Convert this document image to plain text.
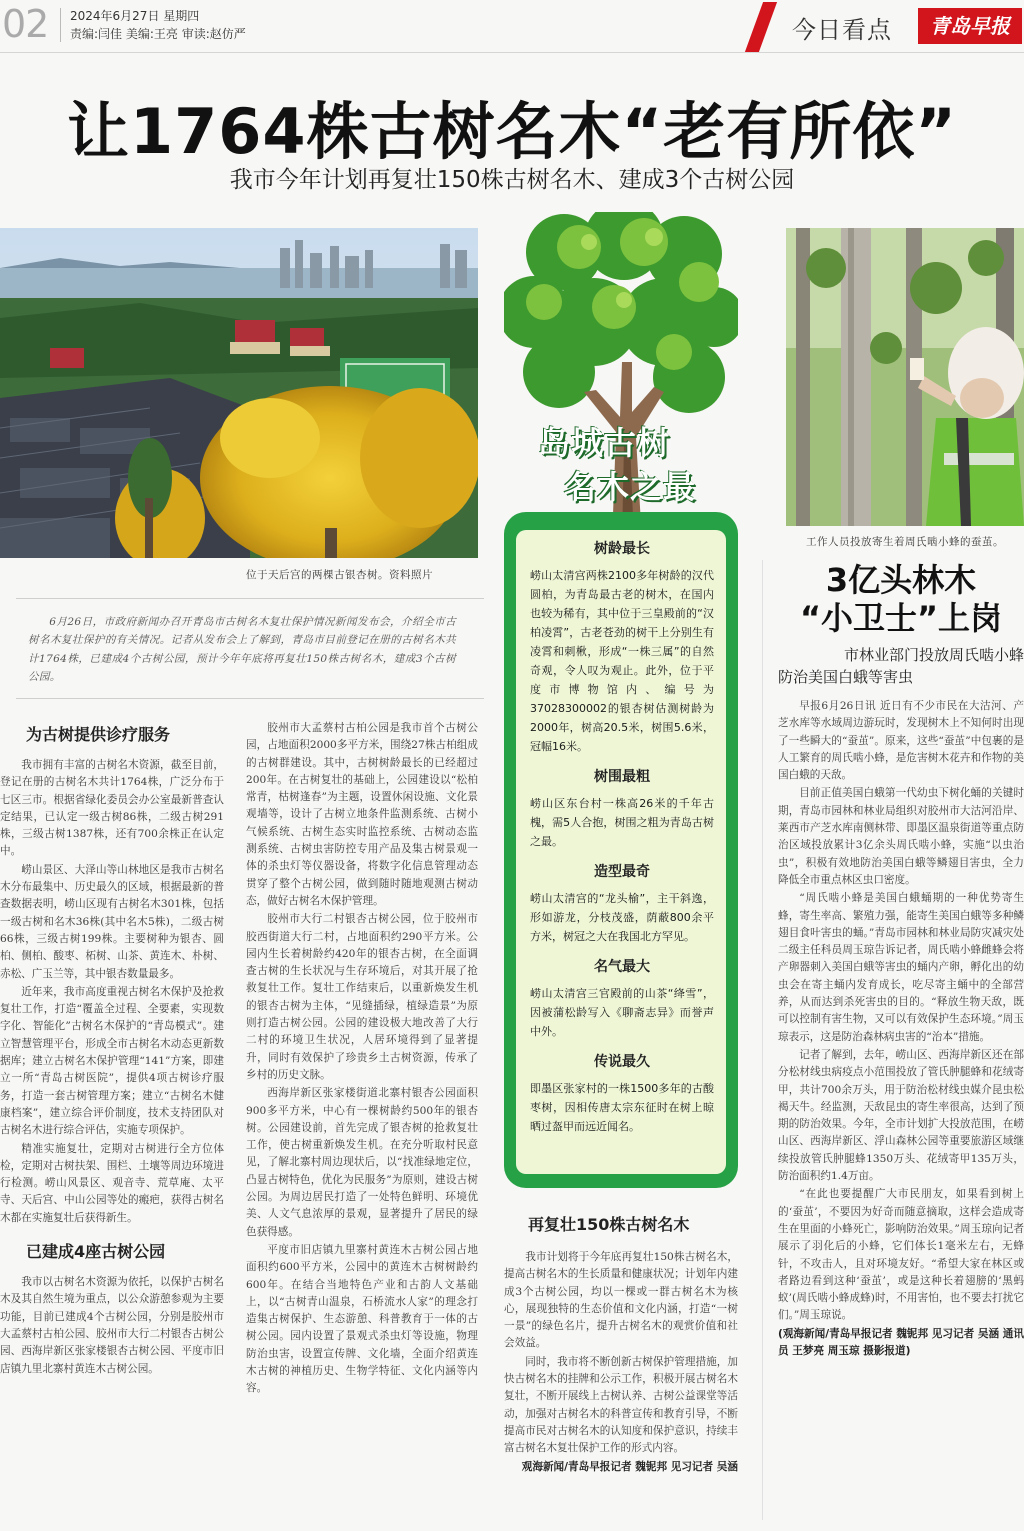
02 2024年6月27日 星期四
责编:闫佳 美编:王亮 审读:赵仿严	今日看点	青岛早报
让1764株古树名木“老有所依”
我市今年计划再复壮150株古树名木、建成3个古树公园
位于天后宫的两棵古银杏树。资料照片
6月26日，市政府新闻办召开青岛市古树名木复壮保护情况新闻发布会，介绍全市古树名木复壮保护的有关情况。记者从发布会上了解到，青岛市目前登记在册的古树名木共计1764株，已建成4个古树公园，预计今年年底将再复壮150株古树名木，建成3个古树公园。
为古树提供诊疗服务
我市拥有丰富的古树名木资源，截至目前，登记在册的古树名木共计1764株，广泛分布于七区三市。根据省绿化委员会办公室最新普查认定结果，已认定一级古树86株，二级古树291株，三级古树1387株，还有700余株正在认定中。
崂山景区、大泽山等山林地区是我市古树名木分布最集中、历史最久的区域，根据最新的普查数据表明，崂山区现有古树名木301株，包括一级古树和名木36株(其中名木5株)，二级古树66株，三级古树199株。主要树种为银杏、圆柏、侧柏、酸枣、柘树、山茶、黄连木、朴树、赤松、广玉兰等，其中银杏数量最多。
近年来，我市高度重视古树名木保护及抢救复壮工作，打造“覆盖全过程、全要素，实现数字化、智能化”古树名木保护的“青岛模式”。建立智慧管理平台，形成全市古树名木动态更新数据库；建立古树名木保护管理“141”方案，即建立一所“青岛古树医院”，提供4项古树诊疗服务，打造一套古树管理方案；建立“古树名木健康档案”，建立综合评价制度，技术支持团队对古树名木进行综合评估，实施专项保护。
精准实施复壮，定期对古树进行全方位体检，定期对古树扶架、围栏、土壤等周边环境进行检测。崂山风景区、观音寺、荒草庵、太平寺、天后宫、中山公园等处的瘢疤，获得古树名木都在实施复壮后获得新生。
已建成4座古树公园
我市以古树名木资源为依托，以保护古树名木及其自然生境为重点，以公众游憩参观为主要功能，目前已建成4个古树公园，分别是胶州市大孟蔡村古柏公园、胶州市大行二村银杏古树公园、西海岸新区张家楼银杏古树公园、平度市旧店镇九里北寨村黄连木古树公园。
胶州市大孟蔡村古柏公园是我市首个古树公园，占地面积2000多平方米，围绕27株古柏组成的古树群建设。其中，古树树龄最长的已经超过200年。在古树复壮的基础上，公园建设以“松柏常青，枯树逢春”为主题，设置休闲设施、文化景观墙等，设计了古树立地条件监测系统、古树小气候系统、古树生态实时监控系统、古树动态监测系统、古树虫害防控专用产品及集古树景观一体的杀虫灯等仪器设备，将数字化信息管理动态贯穿了整个古树公园，做到随时随地观测古树动态，做好古树名木保护管理。
胶州市大行二村银杏古树公园，位于胶州市胶西街道大行二村，占地面积约290平方米。公园内生长着树龄约420年的银杏古树，在全面调查古树的生长状况与生存环境后，对其开展了抢救复壮工作。复壮工作结束后，以重新焕发生机的银杏古树为主体，“见缝插绿，植绿造景”为原则打造古树公园。公园的建设极大地改善了大行二村的环境卫生状况，人居环境得到了显著提升，同时有效保护了珍贵乡土古树资源，传承了乡村的历史文脉。
西海岸新区张家楼街道北寨村银杏公园面积900多平方米，中心有一棵树龄约500年的银杏树。公园建设前，首先完成了银杏树的抢救复壮工作，使古树重新焕发生机。在充分听取村民意见，了解北寨村周边现状后，以“找准绿地定位，凸显古树特色，优化为民服务”为原则，建设古树公园。为周边居民打造了一处特色鲜明、环境优美、人文气息浓厚的景观，显著提升了居民的绿色获得感。
平度市旧店镇九里寨村黄连木古树公园占地面积约600平方米，公园中的黄连木古树树龄约600年。在结合当地特色产业和古韵人文基础上，以“古树青山温泉，石桥流水人家”的理念打造集古树保护、生态游憩、科普教育于一体的古树公园。园内设置了景观式杀虫灯等设施，物理防治虫害，设置宣传牌、文化墙，全面介绍黄连木古树的神植历史、生物学特征、文化内涵等内容。
岛城古树
名木之最
树龄最长
崂山太清宫两株2100多年树龄的汉代圆柏，为青岛最古老的树木，在国内也较为稀有，其中位于三皇殿前的“汉柏凌霄”，古老苍劲的树干上分别生有凌霄和刺楸，形成“一株三属”的自然奇观，令人叹为观止。此外，位于平度市博物馆内、编号为37028300002的银杏树估测树龄为2000年，树高20.5米，树围5.6米，冠幅16米。
树围最粗
崂山区东台村一株高26米的千年古槐，需5人合抱，树围之粗为青岛古树之最。
造型最奇
崂山太清宫的“龙头榆”，主干斜逸，形如游龙，分枝茂盛，荫蔽800余平方米，树冠之大在我国北方罕见。
名气最大
崂山太清宫三官殿前的山茶“绛雪”，因被蒲松龄写入《聊斋志异》而誉声中外。
传说最久
即墨区张家村的一株1500多年的古酸枣树，因相传唐太宗东征时在树上晾晒过盔甲而远近闻名。
再复壮150株古树名木
我市计划将于今年底再复壮150株古树名木，提高古树名木的生长质量和健康状况；计划年内建成3个古树公园，均以一棵或一群古树名木为核心，展现独特的生态价值和文化内涵，打造“一树一景”的绿色名片，提升古树名木的观赏价值和社会效益。
同时，我市将不断创新古树保护管理措施，加快古树名木的挂牌和公示工作，积极开展古树名木复壮，不断开展线上古树认养、古树公益课堂等活动，加强对古树名木的科普宣传和教育引导，不断提高市民对古树名木的认知度和保护意识，持续丰富古树名木复壮保护工作的形式内容。
观海新闻/青岛早报记者 魏铌邦 见习记者 吴涵
工作人员投放寄生着周氏啮小蜂的蚕茧。
3亿头林木
“小卫士”上岗
市林业部门投放周氏啮小蜂
防治美国白蛾等害虫
早报6月26日讯 近日有不少市民在大沽河、产芝水库等水域周边游玩时，发现树木上不知何时出现了一些瞬大的“蚕茧”。原来，这些“蚕茧”中包裹的是人工繁育的周氏啮小蜂，是危害树木花卉和作物的美国白蛾的天敌。
目前正值美国白蛾第一代幼虫下树化蛹的关键时期，青岛市园林和林业局组织对胶州市大沽河沿岸、莱西市产芝水库南侧林带、即墨区温泉街道等重点防治区域投放累计3亿余头周氏啮小蜂，实施“以虫治虫”，积极有效地防治美国白蛾等鳞翅目害虫，全力降低全市重点林区虫口密度。
“周氏啮小蜂是美国白蛾蛹期的一种优势寄生蜂，寄生率高、繁殖力强，能寄生美国白蛾等多种鳞翅目食叶害虫的蛹。”青岛市园林和林业局防灾减灾处二级主任科员周玉琼告诉记者，周氏啮小蜂雌蜂会将产卵器刺入美国白蛾等害虫的蛹内产卵，孵化出的幼虫会在寄主蛹内发育成长，吃尽寄主蛹中的全部营养，从而达到杀死害虫的目的。“释放生物天敌，既可以控制有害生物，又可以有效保护生态环境。”周玉琼表示，这是防治森林病虫害的“治本”措施。
记者了解到，去年，崂山区、西海岸新区还在部分松材线虫病疫点小范围投放了管氏肿腿蜂和花绒寄甲，共计700余万头，用于防治松材线虫媒介昆虫松褐天牛。经监测，天敌昆虫的寄生率很高，达到了预期的防治效果。今年，全市计划扩大投放范围，在崂山区、西海岸新区、浮山森林公园等重要旅游区域继续投放管氏肿腿蜂1350万头、花绒寄甲135万头，防治面积约1.4万亩。
“在此也要提醒广大市民朋友，如果看到树上的‘蚕茧’，不要因为好奇而随意摘取，这样会造成寄生在里面的小蜂死亡，影响防治效果。”周玉琼向记者展示了羽化后的小蜂，它们体长1毫米左右，无蜂针，不攻击人，且对环境友好。“希望大家在林区或者路边看到这种‘蚕茧’，或是这种长着翅膀的‘黑蚂蚁’(周氏啮小蜂成蜂)时，不用害怕，也不要去打扰它们。”周玉琼说。
(观海新闻/青岛早报记者 魏铌邦 见习记者 吴涵 通讯员 王梦亮 周玉琼 摄影报道)
